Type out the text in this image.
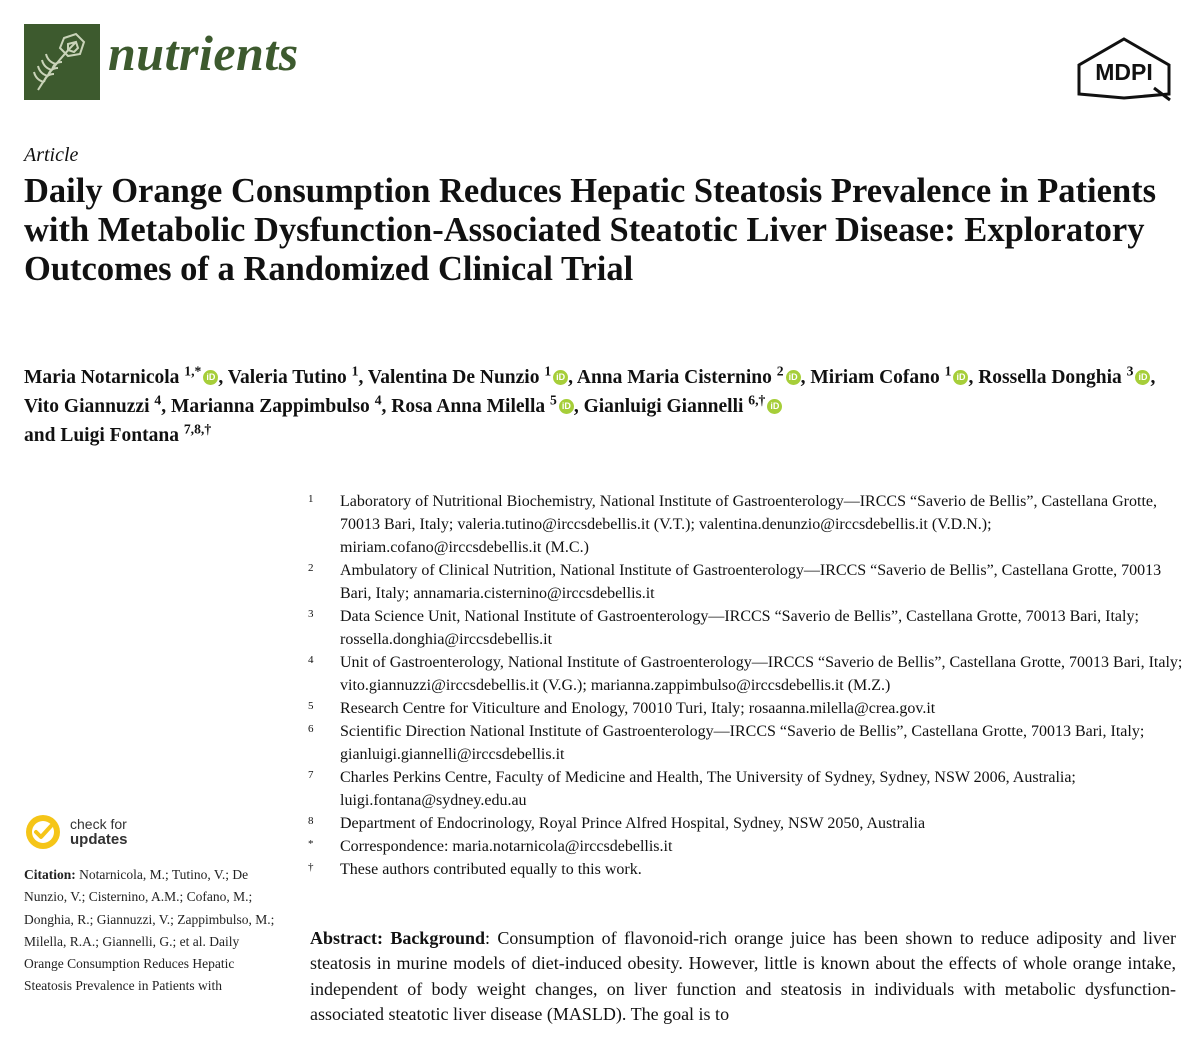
nutrients	MDPI
Article
Daily Orange Consumption Reduces Hepatic Steatosis Prevalence in Patients with Metabolic Dysfunction-Associated Steatotic Liver Disease: Exploratory Outcomes of a Randomized Clinical Trial
Maria Notarnicola $^{1,*}$ iD , Valeria Tutino $^1$, Valentina De Nunzio $^1$ iD , Anna Maria Cisternino $^2$ iD , Miriam Cofano $^1$ iD , Rossella Donghia $^3$ iD ,
Vito Giannuzzi $^4$, Marianna Zappimbulso $^4$, Rosa Anna Milella $^5$ iD , Gianluigi Giannelli $^{6,\dagger}$ iD
and Luigi Fontana $^{7,8,\dagger}$
1	Laboratory of Nutritional Biochemistry, National Institute of Gastroenterology—IRCCS “Saverio de Bellis”, Castellana Grotte, 70013 Bari, Italy; valeria.tutino@irccsdebellis.it (V.T.); valentina.denunzio@irccsdebellis.it (V.D.N.); miriam.cofano@irccsdebellis.it (M.C.)
2	Ambulatory of Clinical Nutrition, National Institute of Gastroenterology—IRCCS “Saverio de Bellis”, Castellana Grotte, 70013 Bari, Italy; annamaria.cisternino@irccsdebellis.it
3	Data Science Unit, National Institute of Gastroenterology—IRCCS “Saverio de Bellis”, Castellana Grotte, 70013 Bari, Italy; rossella.donghia@irccsdebellis.it
4	Unit of Gastroenterology, National Institute of Gastroenterology—IRCCS “Saverio de Bellis”, Castellana Grotte, 70013 Bari, Italy; vito.giannuzzi@irccsdebellis.it (V.G.); marianna.zappimbulso@irccsdebellis.it (M.Z.)
5	Research Centre for Viticulture and Enology, 70010 Turi, Italy; rosaanna.milella@crea.gov.it
6	Scientific Direction National Institute of Gastroenterology—IRCCS “Saverio de Bellis”, Castellana Grotte, 70013 Bari, Italy; gianluigi.giannelli@irccsdebellis.it
7	Charles Perkins Centre, Faculty of Medicine and Health, The University of Sydney, Sydney, NSW 2006, Australia; luigi.fontana@sydney.edu.au
8	Department of Endocrinology, Royal Prince Alfred Hospital, Sydney, NSW 2050, Australia
*	Correspondence: maria.notarnicola@irccsdebellis.it
†	These authors contributed equally to this work.
check for
updates
Citation: Notarnicola, M.; Tutino, V.; De Nunzio, V.; Cisternino, A.M.; Cofano, M.; Donghia, R.; Giannuzzi, V.; Zappimbulso, M.; Milella, R.A.; Giannelli, G.; et al. Daily Orange Consumption Reduces Hepatic Steatosis Prevalence in Patients with
Abstract: Background: Consumption of flavonoid-rich orange juice has been shown to reduce adiposity and liver steatosis in murine models of diet-induced obesity. However, little is known about the effects of whole orange intake, independent of body weight changes, on liver function and steatosis in individuals with metabolic dysfunction-associated steatotic liver disease (MASLD). The goal is to
